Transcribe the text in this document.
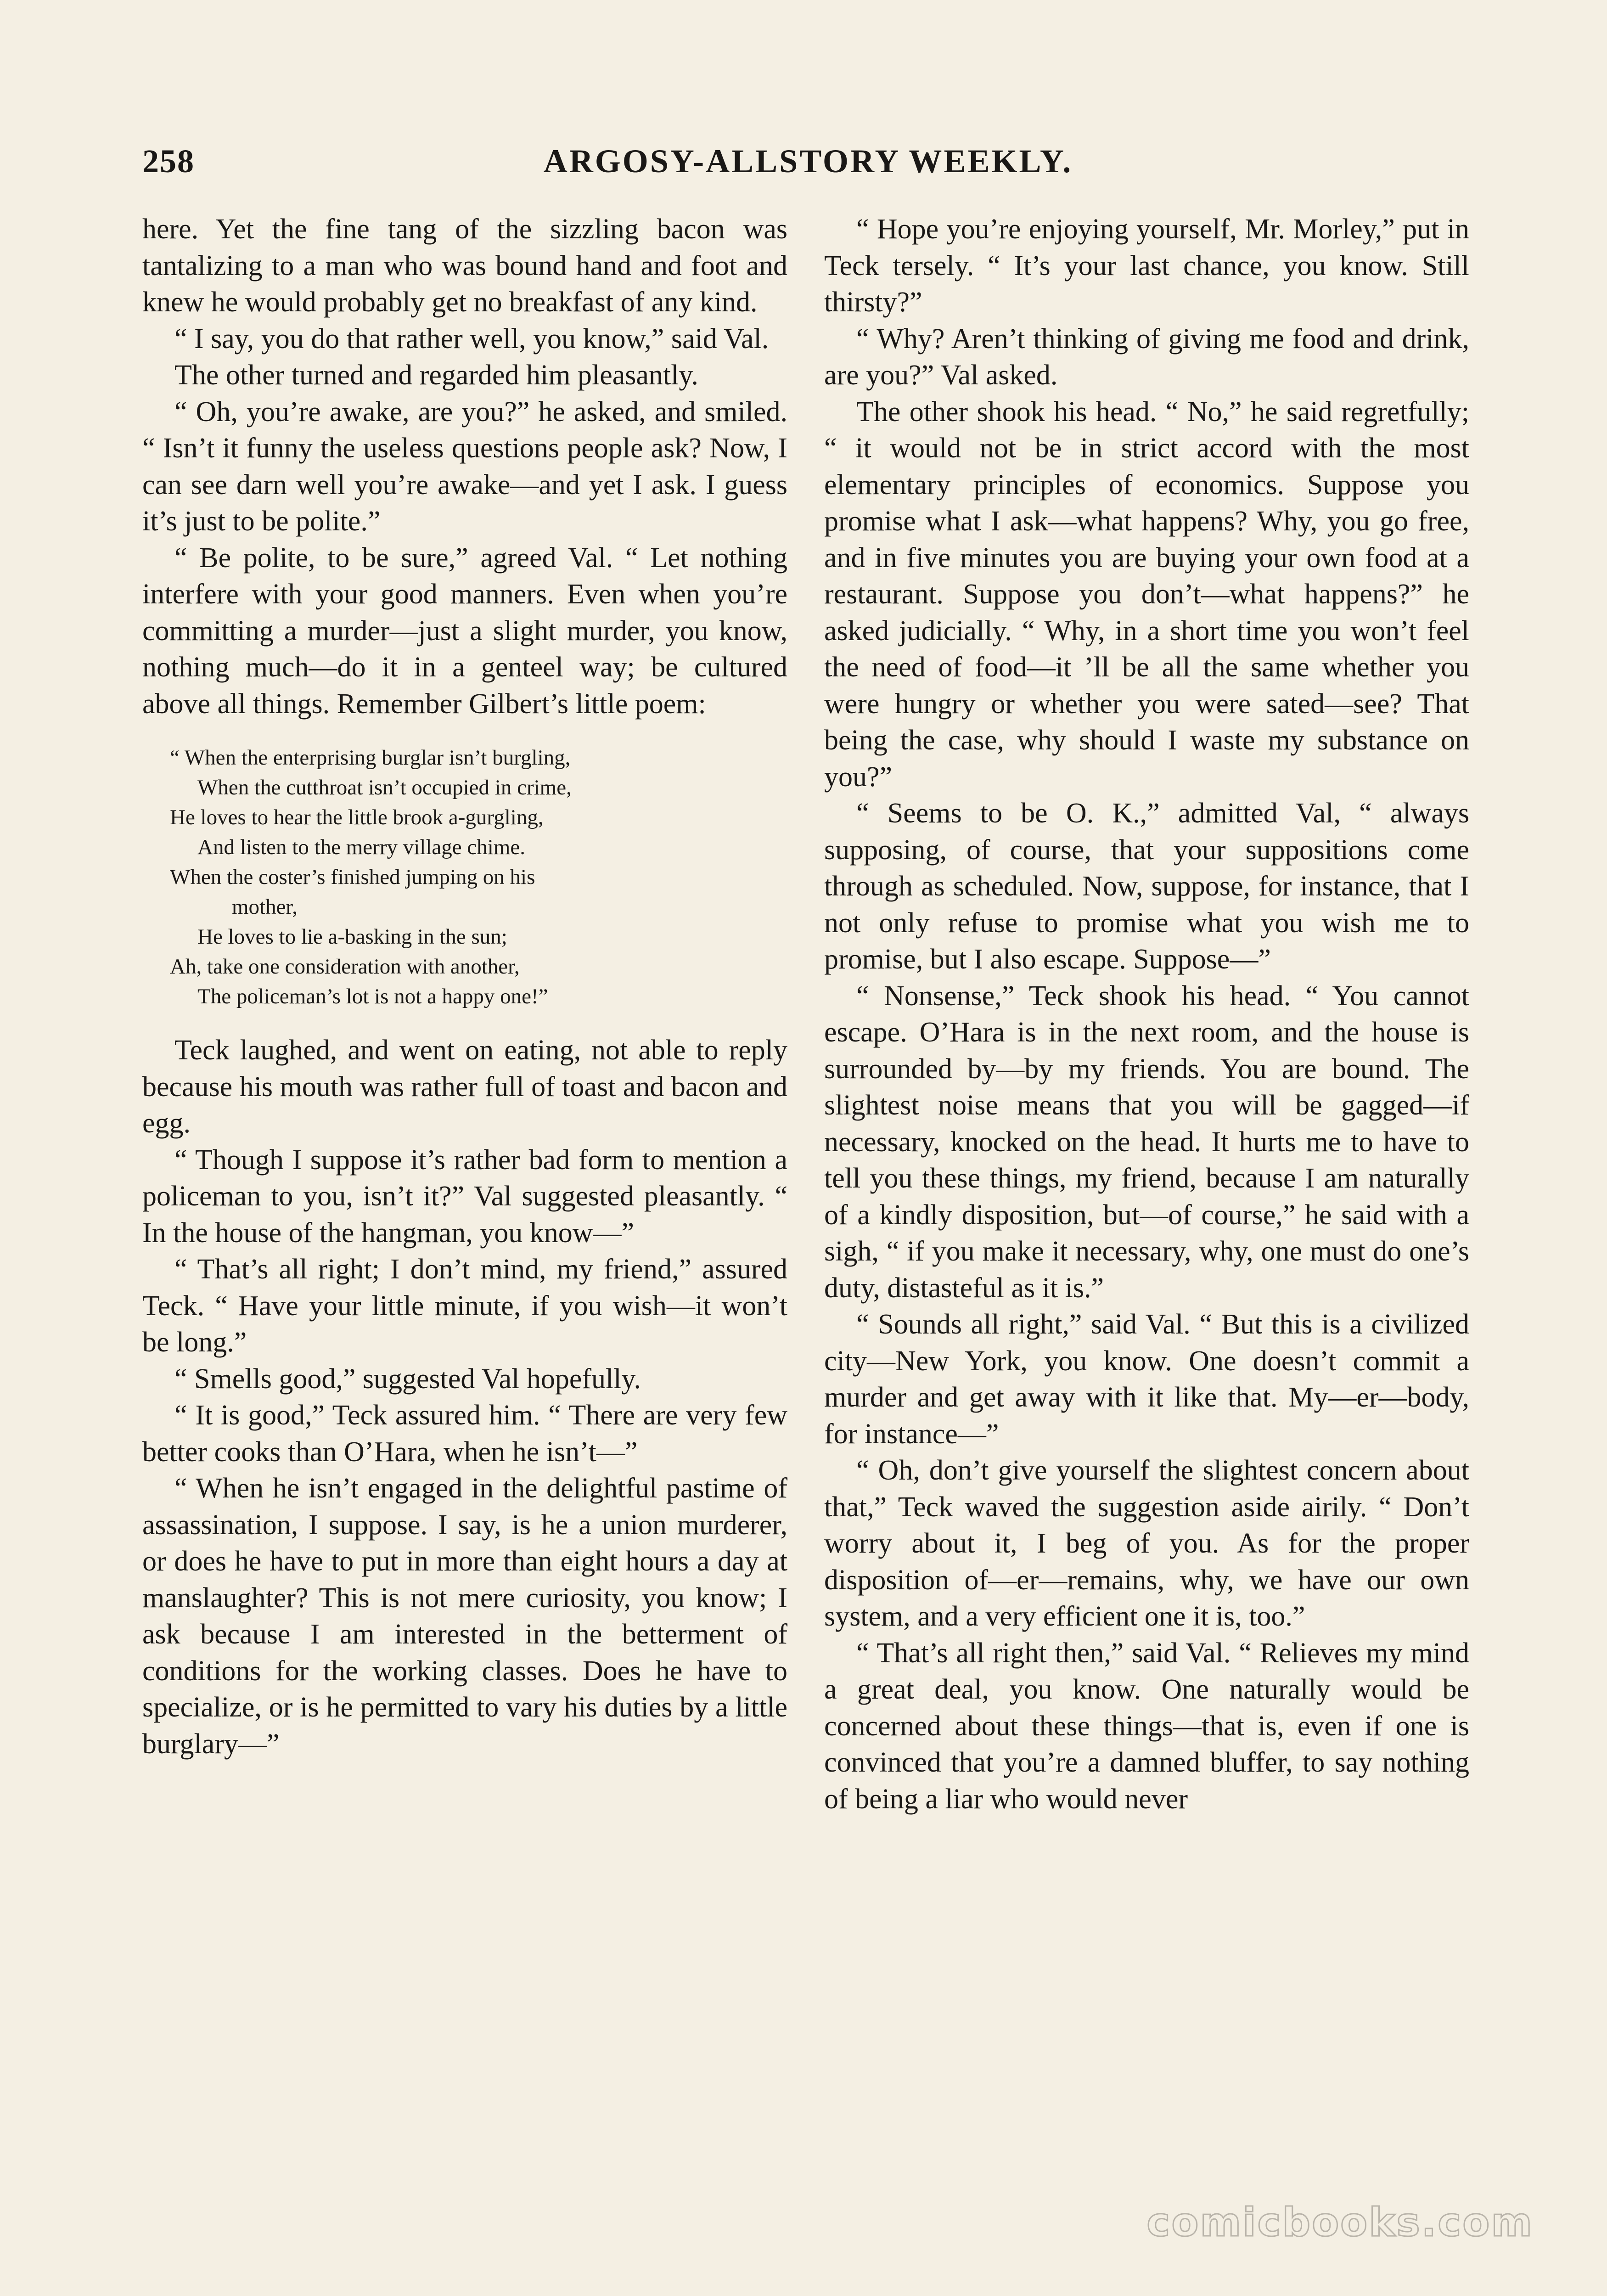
258	ARGOSY-ALLSTORY WEEKLY.

here. Yet the fine tang of the sizzling bacon was tantalizing to a man who was bound hand and foot and knew he would probably get no breakfast of any kind.

“ I say, you do that rather well, you know,” said Val.

The other turned and regarded him pleasantly.

“ Oh, you’re awake, are you?” he asked, and smiled. “ Isn’t it funny the useless questions people ask? Now, I can see darn well you’re awake—and yet I ask. I guess it’s just to be polite.”

“ Be polite, to be sure,” agreed Val. “ Let nothing interfere with your good manners. Even when you’re committing a murder—just a slight murder, you know, nothing much—do it in a genteel way; be cultured above all things. Remember Gilbert’s little poem:

“ When the enterprising burglar isn’t burgling,
When the cutthroat isn’t occupied in crime,
He loves to hear the little brook a-gurgling,
And listen to the merry village chime.
When the coster’s finished jumping on his
mother,
He loves to lie a-basking in the sun;
Ah, take one consideration with another,
The policeman’s lot is not a happy one!”

Teck laughed, and went on eating, not able to reply because his mouth was rather full of toast and bacon and egg.

“ Though I suppose it’s rather bad form to mention a policeman to you, isn’t it?” Val suggested pleasantly. “ In the house of the hangman, you know—”

“ That’s all right; I don’t mind, my friend,” assured Teck. “ Have your little minute, if you wish—it won’t be long.”

“ Smells good,” suggested Val hopefully.

“ It is good,” Teck assured him. “ There are very few better cooks than O’Hara, when he isn’t—”

“ When he isn’t engaged in the delightful pastime of assassination, I suppose. I say, is he a union murderer, or does he have to put in more than eight hours a day at manslaughter? This is not mere curiosity, you know; I ask because I am interested in the betterment of conditions for the working classes. Does he have to specialize, or is he permitted to vary his duties by a little burglary—”

“ Hope you’re enjoying yourself, Mr. Morley,” put in Teck tersely. “ It’s your last chance, you know. Still thirsty?”

“ Why? Aren’t thinking of giving me food and drink, are you?” Val asked.

The other shook his head. “ No,” he said regretfully; “ it would not be in strict accord with the most elementary principles of economics. Suppose you promise what I ask—what happens? Why, you go free, and in five minutes you are buying your own food at a restaurant. Suppose you don’t—what happens?” he asked judicially. “ Why, in a short time you won’t feel the need of food—it ’ll be all the same whether you were hungry or whether you were sated—see? That being the case, why should I waste my substance on you?”

“ Seems to be O. K.,” admitted Val, “ always supposing, of course, that your suppositions come through as scheduled. Now, suppose, for instance, that I not only refuse to promise what you wish me to promise, but I also escape. Suppose—”

“ Nonsense,” Teck shook his head. “ You cannot escape. O’Hara is in the next room, and the house is surrounded by—by my friends. You are bound. The slightest noise means that you will be gagged—if necessary, knocked on the head. It hurts me to have to tell you these things, my friend, because I am naturally of a kindly disposition, but—of course,” he said with a sigh, “ if you make it necessary, why, one must do one’s duty, distasteful as it is.”

“ Sounds all right,” said Val. “ But this is a civilized city—New York, you know. One doesn’t commit a murder and get away with it like that. My—er—body, for instance—”

“ Oh, don’t give yourself the slightest concern about that,” Teck waved the suggestion aside airily. “ Don’t worry about it, I beg of you. As for the proper disposition of—er—remains, why, we have our own system, and a very efficient one it is, too.”

“ That’s all right then,” said Val. “ Relieves my mind a great deal, you know. One naturally would be concerned about these things—that is, even if one is convinced that you’re a damned bluffer, to say nothing of being a liar who would never

comicbooks.com
